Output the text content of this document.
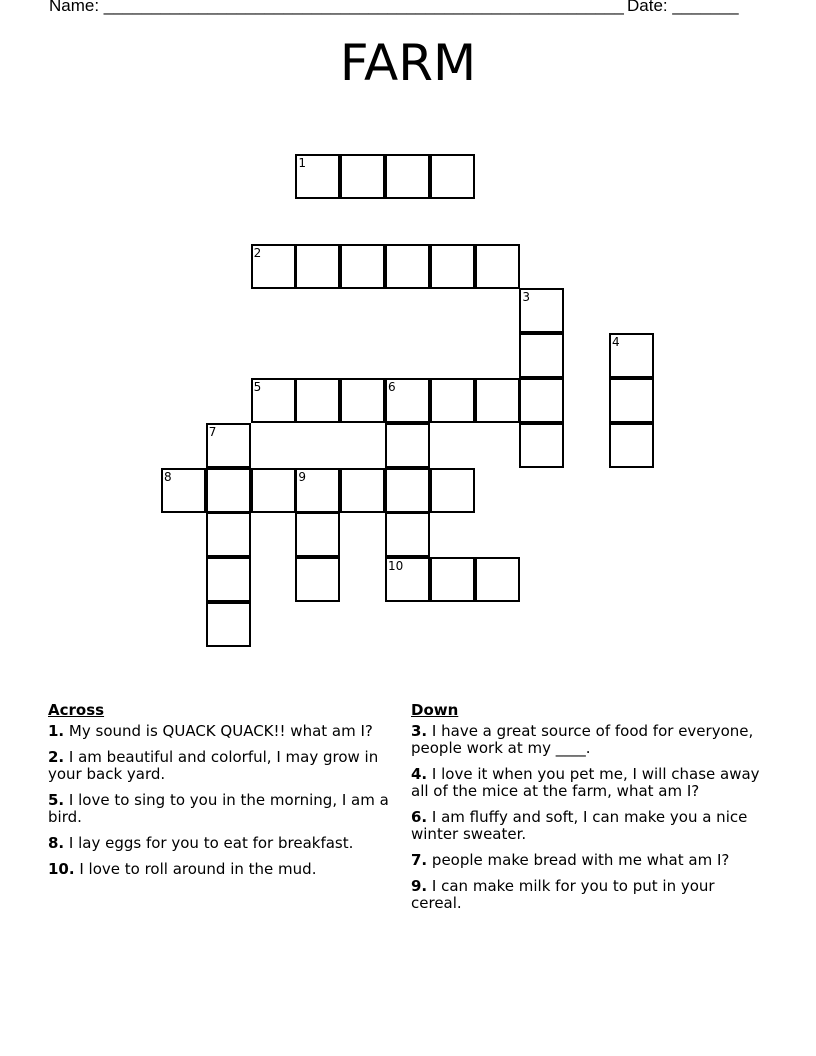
Name: _______________________________________________________ Date: _______
FARM
1
2
3
4
5	6
7
8	9
10
Across
1. My sound is QUACK QUACK!! what am I?
2. I am beautiful and colorful, I may grow in your back yard.
5. I love to sing to you in the morning, I am a bird.
8. I lay eggs for you to eat for breakfast.
10. I love to roll around in the mud.
Down
3. I have a great source of food for everyone, people work at my ____.
4. I love it when you pet me, I will chase away all of the mice at the farm, what am I?
6. I am fluffy and soft, I can make you a nice winter sweater.
7. people make bread with me what am I?
9. I can make milk for you to put in your cereal.
